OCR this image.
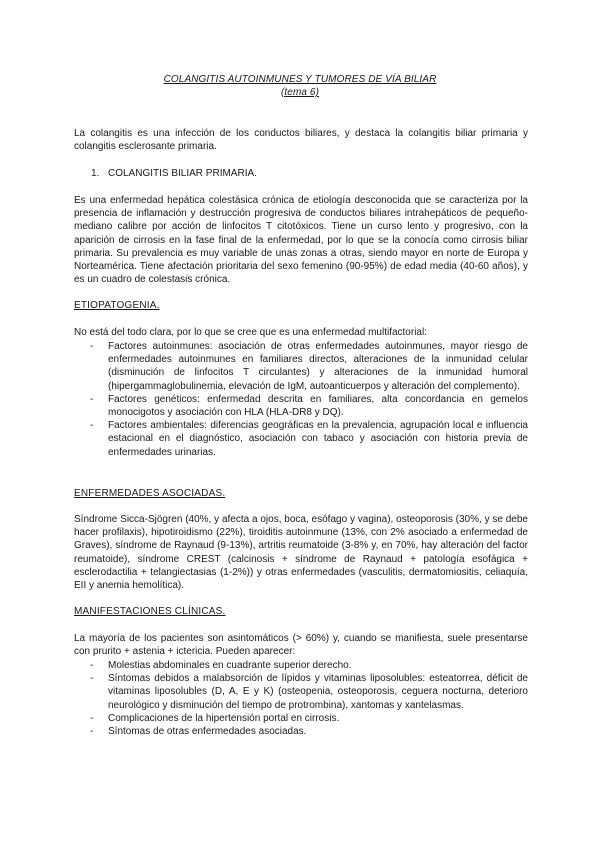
COLANGITIS AUTOINMUNES Y TUMORES DE VÍA BILIAR
(tema 6)
La colangitis es una infección de los conductos biliares, y destaca la colangitis biliar primaria y colangitis esclerosante primaria.
1. COLANGITIS BILIAR PRIMARIA.
Es una enfermedad hepática colestásica crónica de etiología desconocida que se caracteriza por la presencia de inflamación y destrucción progresiva de conductos biliares intrahepáticos de pequeño-mediano calibre por acción de linfocitos T citotóxicos. Tiene un curso lento y progresivo, con la aparición de cirrosis en la fase final de la enfermedad, por lo que se la conocía como cirrosis biliar primaria. Su prevalencia es muy variable de unas zonas a otras, siendo mayor en norte de Europa y Norteamérica. Tiene afectación prioritaria del sexo femenino (90-95%) de edad media (40-60 años), y es un cuadro de colestasis crónica.
ETIOPATOGENIA.
No está del todo clara, por lo que se cree que es una enfermedad multifactorial:
- Factores autoinmunes: asociación de otras enfermedades autoinmunes, mayor riesgo de enfermedades autoinmunes en familiares directos, alteraciones de la inmunidad celular (disminución de linfocitos T circulantes) y alteraciones de la inmunidad humoral (hipergammaglobulinemia, elevación de IgM, autoanticuerpos y alteración del complemento).
- Factores genéticos: enfermedad descrita en familiares, alta concordancia en gemelos monocigotos y asociación con HLA (HLA-DR8 y DQ).
- Factores ambientales: diferencias geográficas en la prevalencia, agrupación local e influencia estacional en el diagnóstico, asociación con tabaco y asociación con historia previa de enfermedades urinarias.
ENFERMEDADES ASOCIADAS.
Síndrome Sicca-Sjögren (40%, y afecta a ojos, boca, esófago y vagina), osteoporosis (30%, y se debe hacer profilaxis), hipotiroidismo (22%), tiroiditis autoinmune (13%, con 2% asociado a enfermedad de Graves), síndrome de Raynaud (9-13%), artritis reumatoide (3-8% y, en 70%, hay alteración del factor reumatoide), síndrome CREST (calcinosis + síndrome de Raynaud + patología esofágica + esclerodactilia + telangiectasias (1-2%)) y otras enfermedades (vasculitis, dermatomiositis, celiaquía, EII y anemia hemolítica).
MANIFESTACIONES CLÍNICAS.
La mayoría de los pacientes son asintomáticos (> 60%) y, cuando se manifiesta, suele presentarse con prurito + astenia + ictericia. Pueden aparecer:
- Molestias abdominales en cuadrante superior derecho.
- Síntomas debidos a malabsorción de lípidos y vitaminas liposolubles: esteatorrea, déficit de vitaminas liposolubles (D, A, E y K) (osteopenia, osteoporosis, ceguera nocturna, deterioro neurológico y disminución del tiempo de protrombina), xantomas y xantelasmas.
- Complicaciones de la hipertensión portal en cirrosis.
- Síntomas de otras enfermedades asociadas.
